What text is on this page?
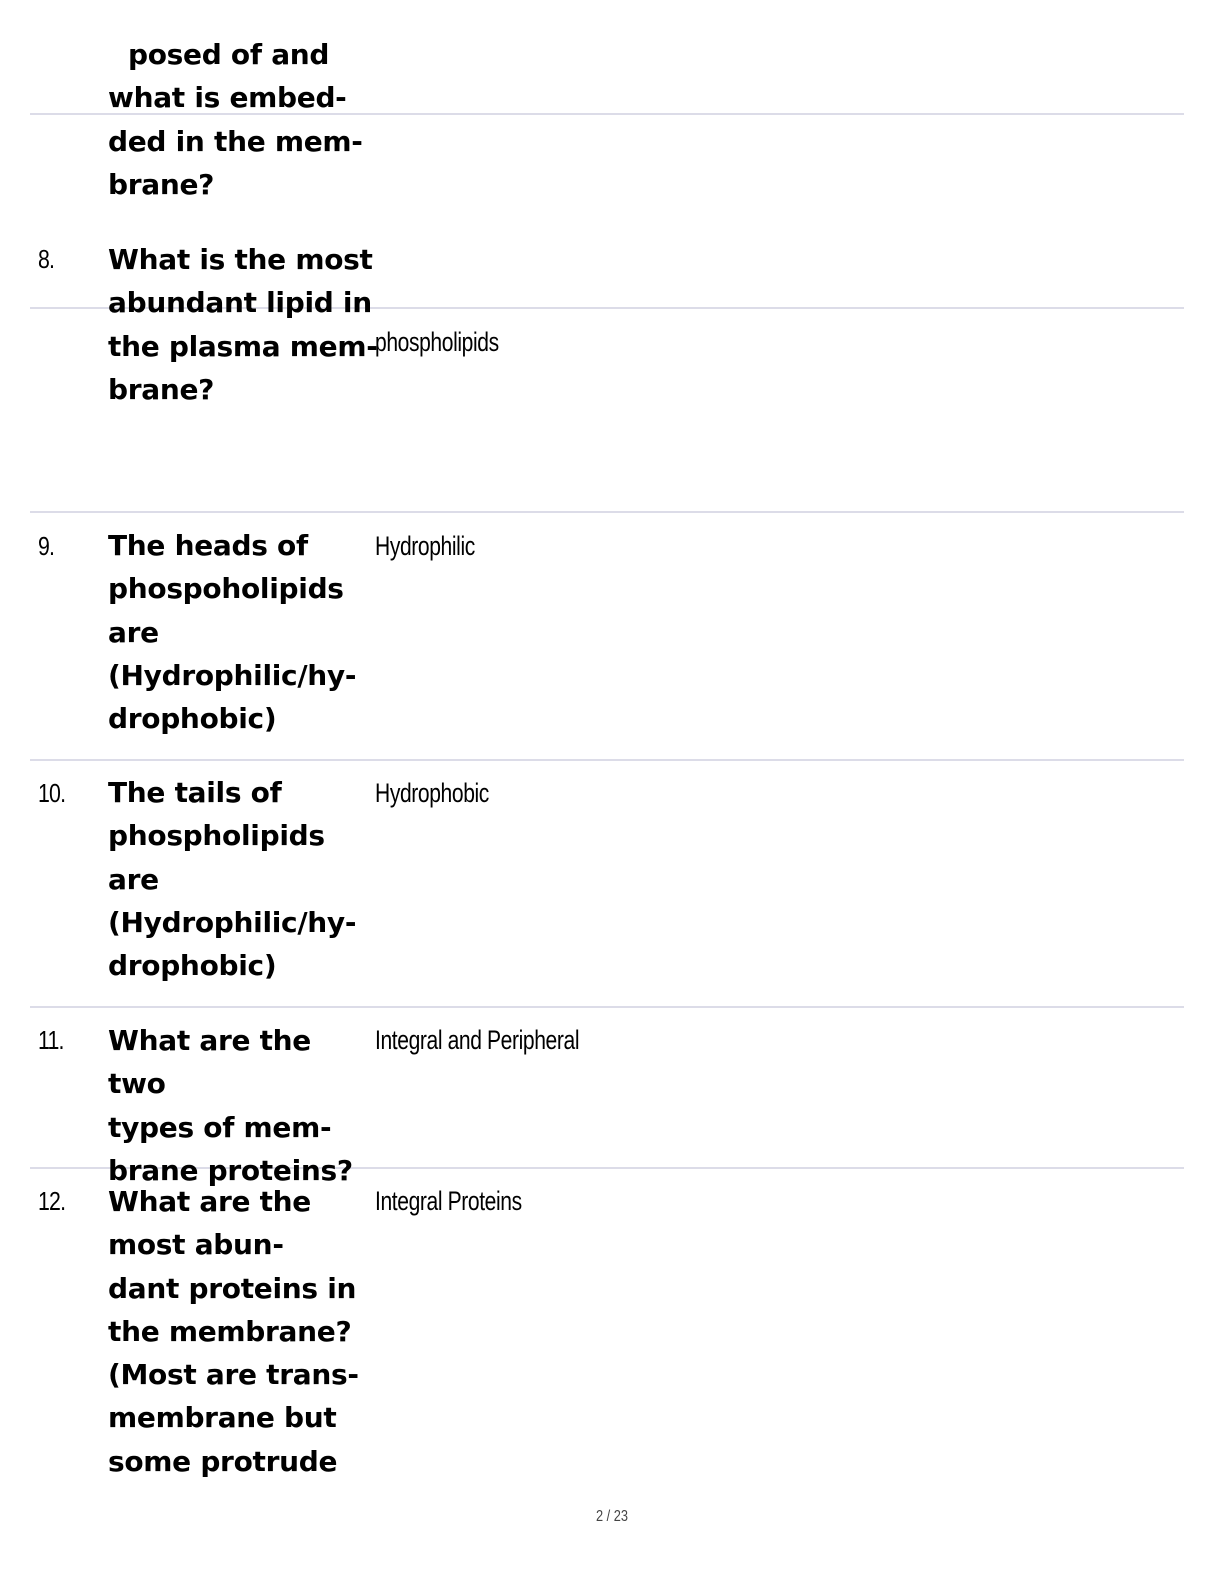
posed of and
what is embed-
ded in the mem-
brane?
8. What is the most
abundant lipid in
the plasma mem-
brane?
phospholipids
9. The heads of
phospoholipids
are
(Hydrophilic/hy-
drophobic)
Hydrophilic
10. The tails of
phospholipids
are
(Hydrophilic/hy-
drophobic)
Hydrophobic
11. What are the two
types of mem-
brane proteins?
Integral and Peripheral
12. What are the
most abun-
dant proteins in
the membrane?
(Most are trans-
membrane but
some protrude
Integral Proteins
2 / 23
